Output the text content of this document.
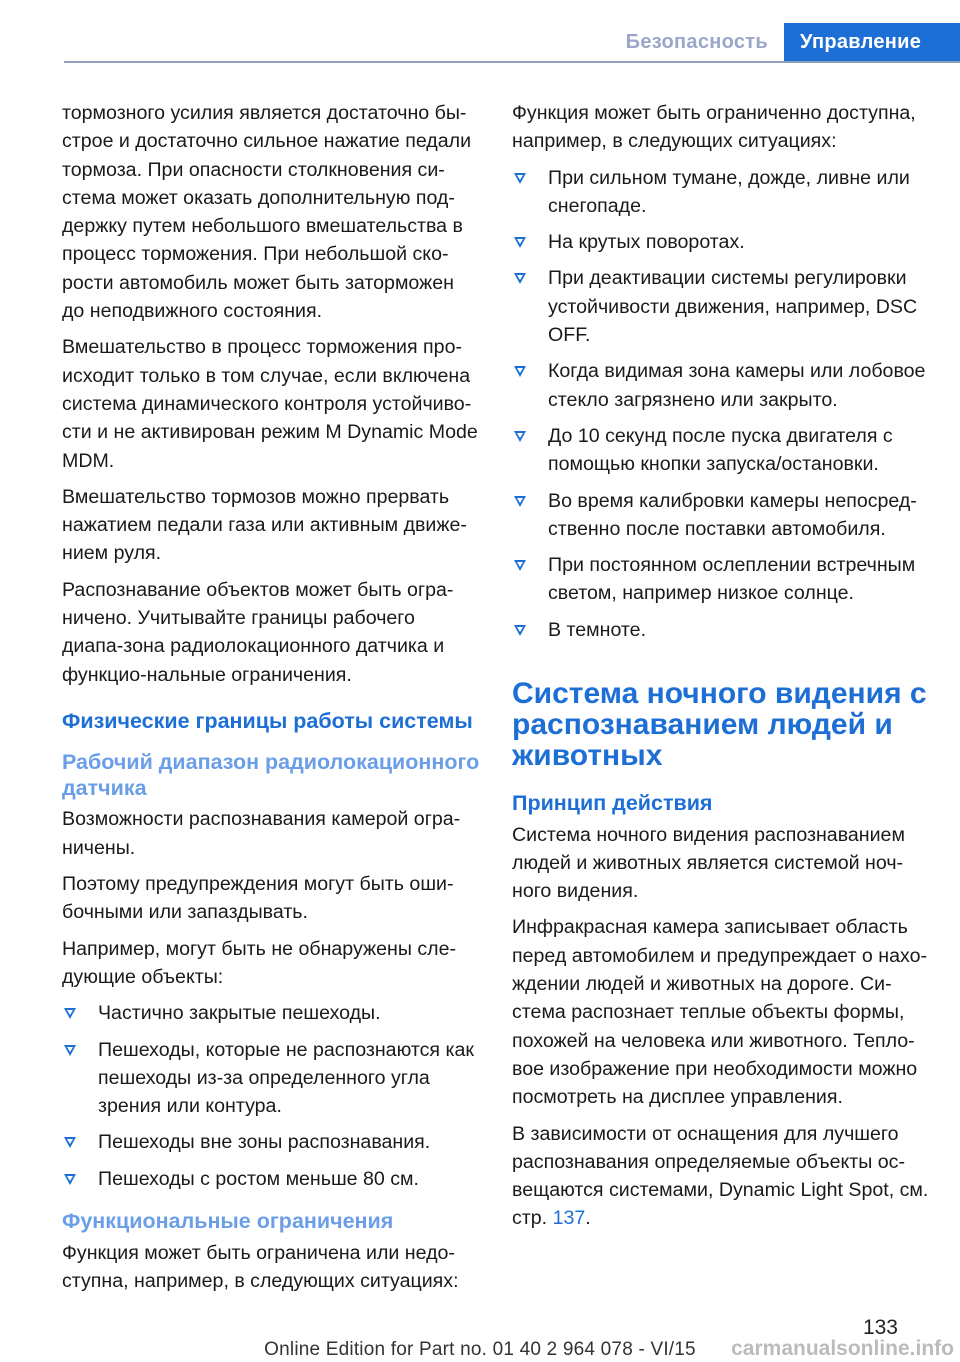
Безопасность	Управление

тормозного усилия является достаточно бы-строе и достаточно сильное нажатие педали тормоза. При опасности столкновения си-стема может оказать дополнительную под-держку путем небольшого вмешательства в процесс торможения. При небольшой ско-рости автомобиль может быть заторможен до неподвижного состояния.

Вмешательство в процесс торможения про-исходит только в том случае, если включена система динамического контроля устойчиво-сти и не активирован режим M Dynamic Mode MDM.

Вмешательство тормозов можно прервать нажатием педали газа или активным движе-нием руля.

Распознавание объектов может быть огра-ничено. Учитывайте границы рабочего диапа-зона радиолокационного датчика и функцио-нальные ограничения.

Физические границы работы системы
Рабочий диапазон радиолокационного датчика

Возможности распознавания камерой огра-ничены.

Поэтому предупреждения могут быть оши-бочными или запаздывать.

Например, могут быть не обнаружены сле-дующие объекты:

Частично закрытые пешеходы.
Пешеходы, которые не распознаются как пешеходы из-за определенного угла зрения или контура.
Пешеходы вне зоны распознавания.
Пешеходы с ростом меньше 80 см.
Функциональные ограничения

Функция может быть ограничена или недо-ступна, например, в следующих ситуациях:

Функция может быть ограниченно доступна, например, в следующих ситуациях:

При сильном тумане, дожде, ливне или снегопаде.
На крутых поворотах.
При деактивации системы регулировки устойчивости движения, например, DSC OFF.
Когда видимая зона камеры или лобовое стекло загрязнено или закрыто.
До 10 секунд после пуска двигателя с помощью кнопки запуска/остановки.
Во время калибровки камеры непосред-ственно после поставки автомобиля.
При постоянном ослеплении встречным светом, например низкое солнце.
В темноте.
Система ночного видения с распознаванием людей и животных
Принцип действия

Система ночного видения распознаванием людей и животных является системой ноч-ного видения.

Инфракрасная камера записывает область перед автомобилем и предупреждает о нахо-ждении людей и животных на дороге. Си-стема распознает теплые объекты формы, похожей на человека или животного. Тепло-вое изображение при необходимости можно посмотреть на дисплее управления.

В зависимости от оснащения для лучшего распознавания определяемые объекты ос-вещаются системами, Dynamic Light Spot, см. стр. 137.

133
Online Edition for Part no. 01 40 2 964 078 - VI/15	carmanualsonline.info
